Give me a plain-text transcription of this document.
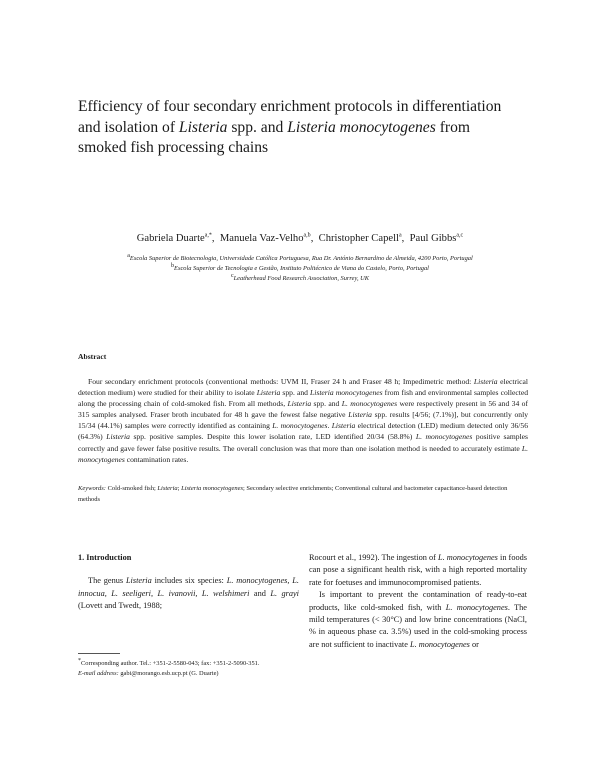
Efficiency of four secondary enrichment protocols in differentiation
and isolation of Listeria spp. and Listeria monocytogenes from
smoked fish processing chains
Gabriela Duarte$^{a,*}$,  Manuela Vaz-Velho$^{a,b}$,  Christopher Capell$^a$,  Paul Gibbs$^{a,c}$

$^a$Escola Superior de Biotecnologia, Universidade Católica Portuguesa, Rua Dr. António Bernardino de Almeida, 4200 Porto, Portugal

$^b$Escola Superior de Tecnologia e Gestão, Instituto Politécnico de Viana do Castelo, Porto, Portugal

$^c$Leatherhead Food Research Association, Surrey, UK

Abstract
Four secondary enrichment protocols (conventional methods: UVM II, Fraser 24 h and Fraser 48 h; Impedimetric method: Listeria electrical detection medium) were studied for their ability to isolate Listeria spp. and Listeria monocytogenes from fish and environmental samples collected along the processing chain of cold-smoked fish. From all methods, Listeria spp. and L. monocytogenes were respectively present in 56 and 34 of 315 samples analysed. Fraser broth incubated for 48 h gave the fewest false negative Listeria spp. results [4/56; (7.1%)], but concurrently only 15/34 (44.1%) samples were correctly identified as containing L. monocytogenes. Listeria electrical detection (LED) medium detected only 36/56 (64.3%) Listeria spp. positive samples. Despite this lower isolation rate, LED identified 20/34 (58.8%) L. monocytogenes positive samples correctly and gave fewer false positive results. The overall conclusion was that more than one isolation method is needed to accurately estimate L. monocytogenes contamination rates.
Keywords: Cold-smoked fish; Listeria; Listeria monocytogenes; Secondary selective enrichments; Conventional cultural and bactometer capacitance-based detection methods
1. Introduction

The genus Listeria includes six species: L. monocytogenes, L. innocua, L. seeligeri, L. ivanovii, L. welshimeri and L. grayi (Lovett and Twedt, 1988;

Rocourt et al., 1992). The ingestion of L. monocytogenes in foods can pose a significant health risk, with a high reported mortality rate for foetuses and immunocompromised patients.

Is important to prevent the contamination of ready-to-eat products, like cold-smoked fish, with L. monocytogenes. The mild temperatures (< 30°C) and low brine concentrations (NaCl, % in aqueous phase ca. 3.5%) used in the cold-smoking process are not sufficient to inactivate L. monocytogenes or

*Corresponding author. Tel.: +351-2-5580-043; fax: +351-2-5090-351.

E-mail address: gabi@morango.esb.ucp.pt (G. Duarte)
